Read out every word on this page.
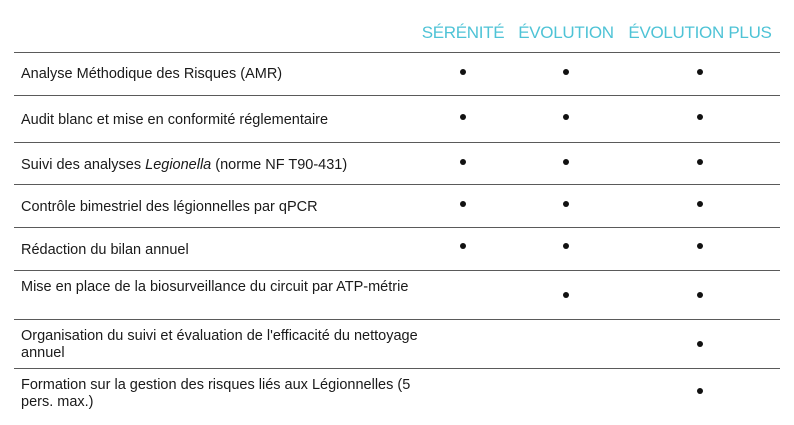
SÉRÉNITÉ ÉVOLUTION ÉVOLUTION PLUS
Analyse Méthodique des Risques (AMR)
Audit blanc et mise en conformité réglementaire
Suivi des analyses Legionella (norme NF T90-431)
Contrôle bimestriel des légionnelles par qPCR
Rédaction du bilan annuel
Mise en place de la biosurveillance du circuit par ATP-métrie
Organisation du suivi et évaluation de l'efficacité du nettoyage annuel
Formation sur la gestion des risques liés aux Légionnelles (5 pers. max.)
